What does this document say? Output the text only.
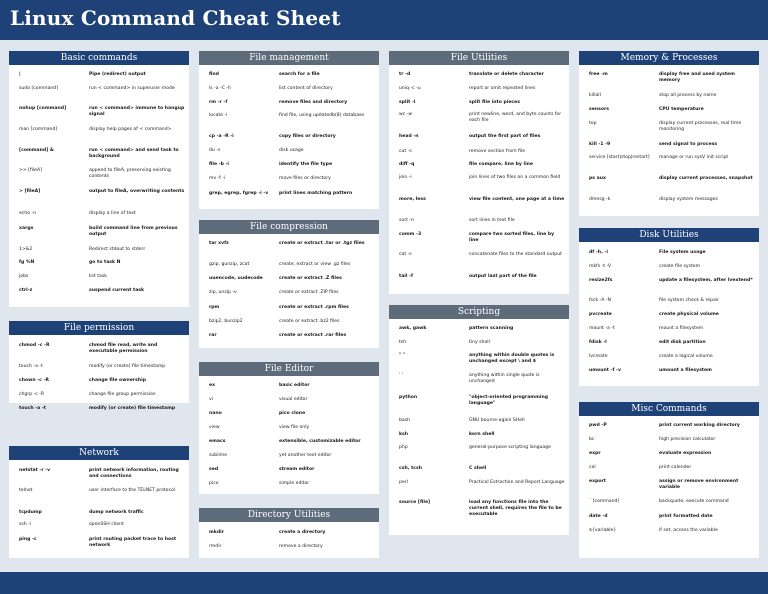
Linux Command Cheat Sheet
Basic commands
|	Pipe (redirect) output
sudo [command]	run < command> in superuser mode
nohup [command]	run < command> immune to hangup signal
man [command]	display help pages of < command>
[command] &	run < command> and send task to background
>> [fileA]	append to fileA, preserving existing contents
> [fileA]	output to fileA, overwriting contents
echo -n	display a line of text
xargs	build command line from previous output
1>&2	Redirect stdout to stderr
fg %N	go to task N
jobs	list task
ctrl-z	suspend current task
File permission
chmod -c -R	chmod file read, write and executable permission
touch -a -t	modify (or create) file timestamp
chown -c -R	change file ownership
chgrp -c -R	change file group permission
touch -a -t	modify (or create) file timestamp
Network
netstat -r -v	print network information, routing and connections
telnet	user interface to the TELNET protocol
tcpdump	dump network traffic
ssh -i	openSSH client
ping -c	print routing packet trace to host network
File management
find	search for a file
ls -a -C -h	list content of directory
rm -r -f	remove files and directory
locate -i	find file, using updatedb(8) database
cp -a -R -i	copy files or directory
du -s	disk usage
file -b -i	identify the file type
mv -f -i	move files or directory
grep, egrep, fgrep -i -v	print lines matching pattern
File compression
tar xvfz	create or extract .tar or .tgz files
gzip, gunzip, zcat	create, extract or view .gz files
uuencode, uudecode	create or extract .Z files
zip, unzip -v	create or extract .ZIP files
rpm	create or extract .rpm files
bzip2, bunzip2	create or extract .bz2 files
rar	create or extract .rar files
File Editor
ex	basic editor
vi	visual editor
nano	pico clone
view	view file only
emacs	extensible, customizable editor
sublime	yet another text editor
sed	stream editor
pico	simple editor
Directory Utilities
mkdir	create a directory
rmdir	remove a directory
File Utilities
tr -d	translate or delete character
uniq -c -u	report or omit repeated lines
split -l	split file into pieces
wc -w	print newline, word, and byte counts for each file
head -n	output the first part of files
cut -s	remove section from file
diff -q	file compare, line by line
join -i	join lines of two files on a common field
more, less	view file content, one page at a time
sort -n	sort lines in text file
comm -3	compare two sorted files, line by line
cat -s	concatenate files to the standard output
tail -f	output last part of the file
Scripting
awk, gawk	pattern scanning
tsh	tiny shell
" "	anything within double quotes is unchanged except \ and $
' '	anything within single quote is unchanged
python	"object-oriented programming language"
bash	GNU bourne-again SHell
ksh	korn shell
php	general-purpose scripting language
csh, tcsh	C shell
perl	Practical Extraction and Report Language
source [file]	load any functions file into the current shell, requires the file to be executable
Memory & Processes
free -m	display free and used system memory
killall	stop all process by name
sensors	CPU temperature
top	display current processes, real time monitoring
kill -1 -9	send signal to process
service [start|stop|restart]	manage or run sysV init script
ps aux	display current processes, snapshot
dmesg -k	display system messages
Disk Utilities
df -h, -i	File system usage
mkfs -t -V	create file system
resize2fs	update a filesystem, after lvextend*
fsck -A -N	file system check & repair
pvcreate	create physical volume
mount -a -t	mount a filesystem
fdisk -l	edit disk partition
lvcreate	create a logical volume
umount -f -v	umount a filesystem
Misc Commands
pwd -P	print current working directory
bc	high precision calculator
expr	evaluate expression
cal	print calender
export	assign or remove environment variable
` [command]	backquote, execute command
date -d	print formatted date
${variable}	if set, access the variable
